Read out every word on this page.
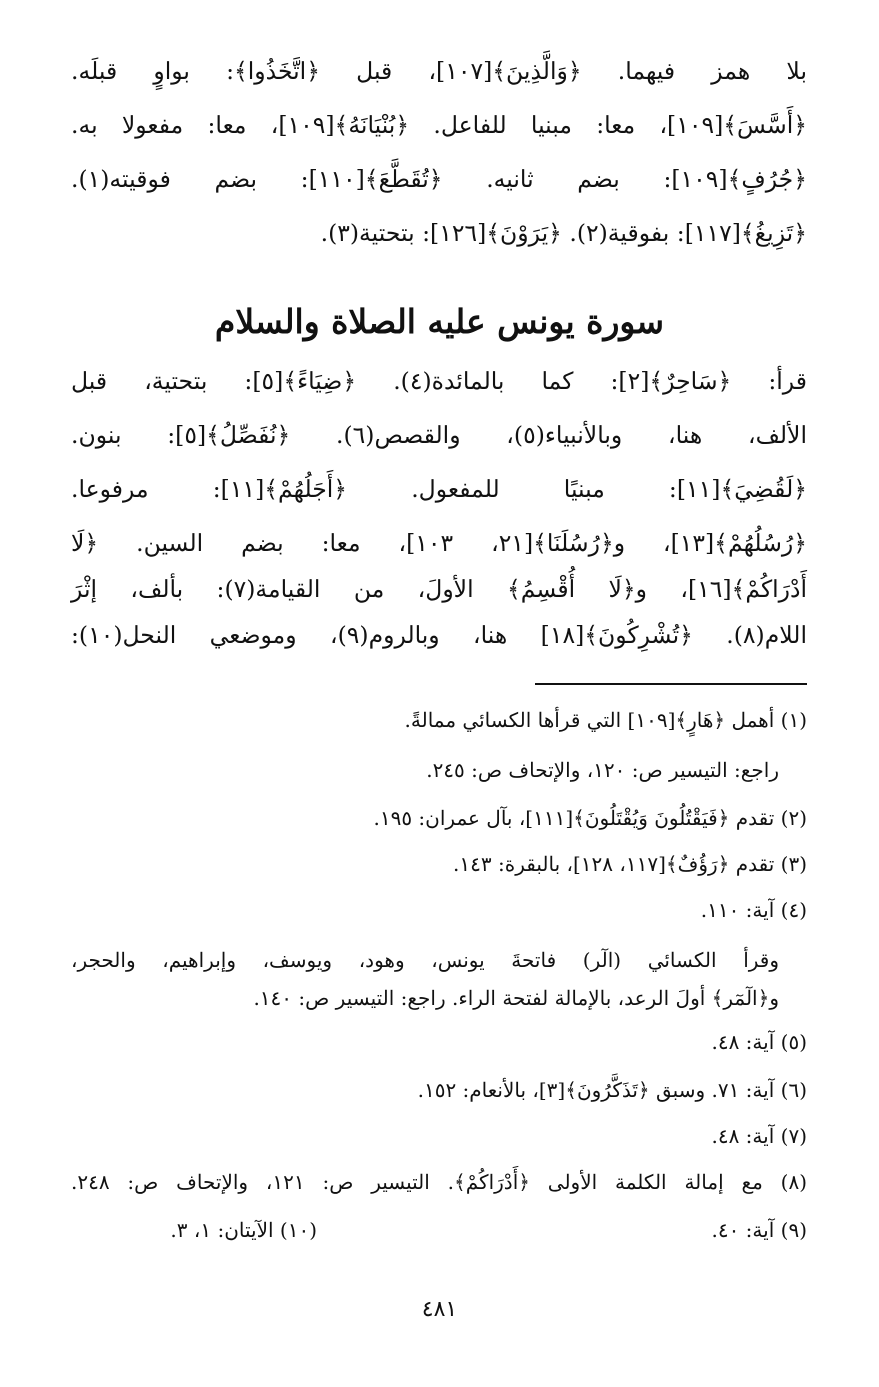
بلا همز فيهما. ﴿وَالَّذِينَ﴾[١٠٧]، قبل ﴿اتَّخَذُوا﴾: بواوٍ قبلَه.
﴿أَسَّسَ﴾[١٠٩]، معا: مبنيا للفاعل. ﴿بُنْيَانَهُ﴾[١٠٩]، معا: مفعولا به.
﴿جُرُفٍ﴾[١٠٩]: بضم ثانيه. ﴿تُقَطَّعَ﴾[١١٠]: بضم فوقيته(١).
﴿تَزِيغُ﴾[١١٧]: بفوقية(٢). ﴿يَرَوْنَ﴾[١٢٦]: بتحتية(٣).
سورة يونس عليه الصلاة والسلام
قرأ: ﴿سَاحِرٌ﴾[٢]: كما بالمائدة(٤). ﴿ضِيَاءً﴾[٥]: بتحتية، قبل
الألف، هنا، وبالأنبياء(٥)، والقصص(٦). ﴿نُفَصِّلُ﴾[٥]: بنون.
﴿لَقُضِيَ﴾[١١]: مبنيًا للمفعول. ﴿أَجَلُهُمْ﴾[١١]: مرفوعا.
﴿رُسُلُهُمْ﴾[١٣]، و﴿رُسُلَنَا﴾[٢١، ١٠٣]، معا: بضم السين. ﴿لَا
أَدْرَاكُمْ﴾[١٦]، و﴿لَا أُقْسِمُ﴾ الأولَ، من القيامة(٧): بألف، إثْرَ
اللام(٨). ﴿تُشْرِكُونَ﴾[١٨] هنا، وبالروم(٩)، وموضعي النحل(١٠):
(١) أهمل ﴿هَارٍ﴾[١٠٩] التي قرأها الكسائي ممالةً.
راجع: التيسير ص: ١٢٠، والإتحاف ص: ٢٤٥.
(٢) تقدم ﴿فَيَقْتُلُونَ وَيُقْتَلُونَ﴾[١١١]، بآل عمران: ١٩٥.
(٣) تقدم ﴿رَؤُفٌ﴾[١١٧، ١٢٨]، بالبقرة: ١٤٣.
(٤) آية: ١١٠.
وقرأ الكسائي (الٓر) فاتحةَ يونس، وهود، ويوسف، وإبراهيم، والحجر،
و﴿الٓمٓر﴾ أولَ الرعد، بالإمالة لفتحة الراء. راجع: التيسير ص: ١٤٠.
(٥) آية: ٤٨.
(٦) آية: ٧١. وسبق ﴿تَذَكَّرُونَ﴾[٣]، بالأنعام: ١٥٢.
(٧) آية: ٤٨.
(٨) مع إمالة الكلمة الأولى ﴿أَدْرَاكُمْ﴾. التيسير ص: ١٢١، والإتحاف ص: ٢٤٨.
(٩) آية: ٤٠.
(١٠) الآيتان: ١، ٣.
٤٨١
